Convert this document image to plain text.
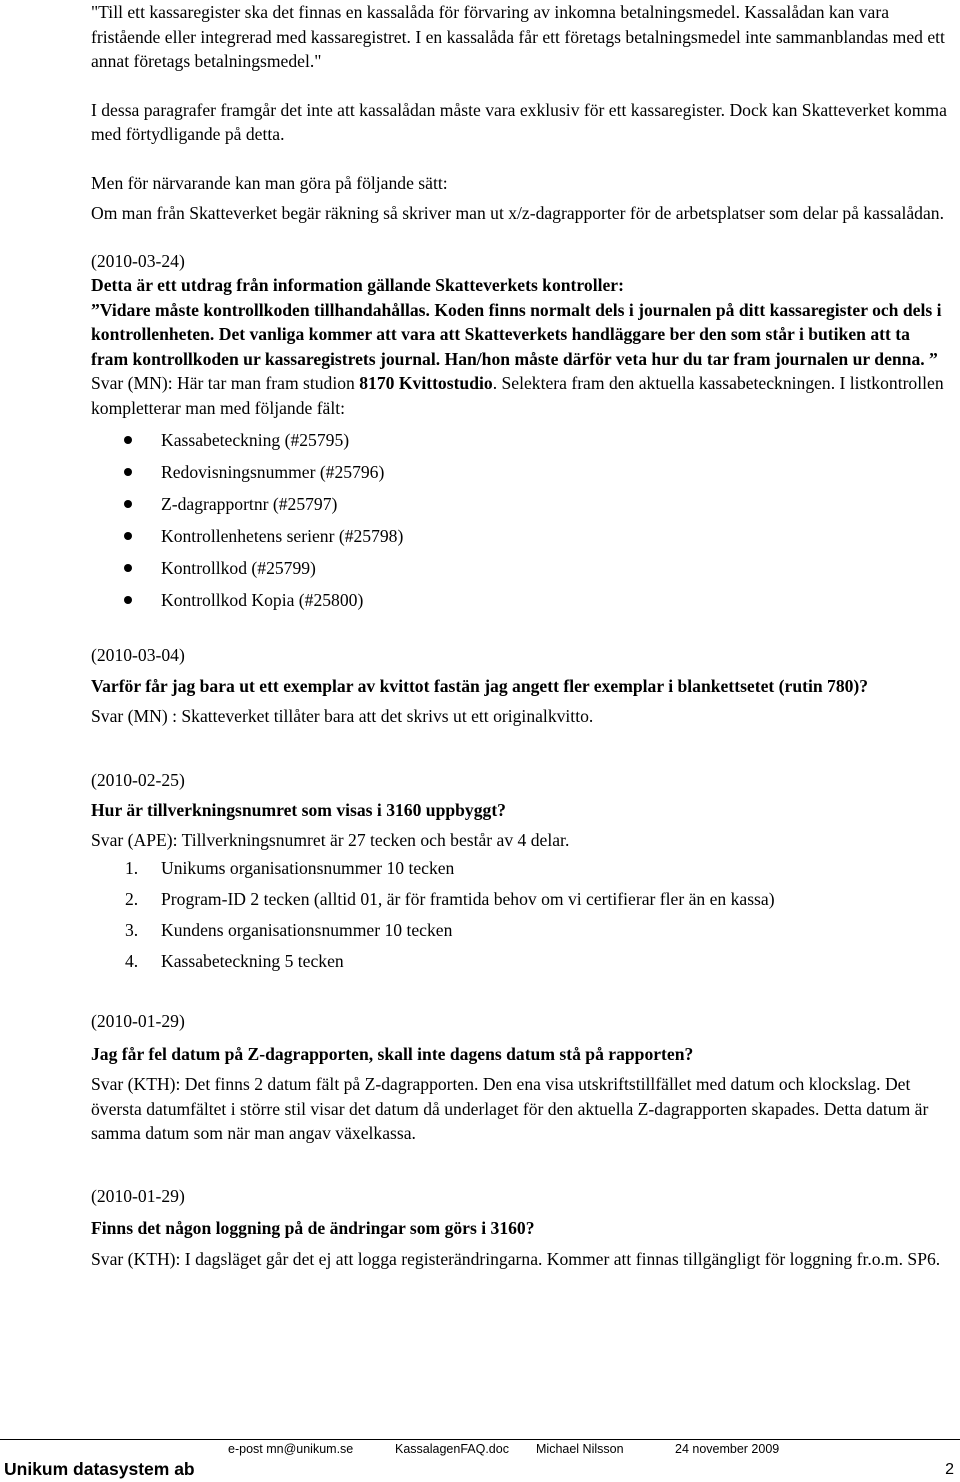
"Till ett kassaregister ska det finnas en kassalåda för förvaring av inkomna betalningsmedel. Kassalådan kan vara fristående eller integrerad med kassaregistret. I en kassalåda får ett företags betalningsmedel inte sammanblandas med ett annat företags betalningsmedel."

I dessa paragrafer framgår det inte att kassalådan måste vara exklusiv för ett kassaregister. Dock kan Skatteverket komma med förtydligande på detta.

Men för närvarande kan man göra på följande sätt:

Om man från Skatteverket begär räkning så skriver man ut x/z-dagrapporter för de arbetsplatser som delar på kassalådan.

(2010-03-24)

Detta är ett utdrag från information gällande Skatteverkets kontroller:

”Vidare måste kontrollkoden tillhandahållas. Koden finns normalt dels i journalen på ditt kassaregister och dels i kontrollenheten. Det vanliga kommer att vara att Skatteverkets handläggare ber den som står i butiken att ta fram kontrollkoden ur kassaregistrets journal. Han/hon måste därför veta hur du tar fram journalen ur denna. ”

Svar (MN): Här tar man fram studion 8170 Kvittostudio. Selektera fram den aktuella kassabeteckningen. I listkontrollen kompletterar man med följande fält:

Kassabeteckning (#25795)
Redovisningsnummer (#25796)
Z-dagrapportnr (#25797)
Kontrollenhetens serienr (#25798)
Kontrollkod (#25799)
Kontrollkod Kopia (#25800)

(2010-03-04)

Varför får jag bara ut ett exemplar av kvittot fastän jag angett fler exemplar i blankettsetet (rutin 780)?

Svar (MN) : Skatteverket tillåter bara att det skrivs ut ett originalkvitto.

(2010-02-25)

Hur är tillverkningsnumret som visas i 3160 uppbyggt?

Svar (APE): Tillverkningsnumret är 27 tecken och består av 4 delar.

1. Unikums organisationsnummer 10 tecken
2. Program-ID 2 tecken (alltid 01, är för framtida behov om vi certifierar fler än en kassa)
3. Kundens organisationsnummer 10 tecken
4. Kassabeteckning 5 tecken

(2010-01-29)

Jag får fel datum på Z-dagrapporten, skall inte dagens datum stå på rapporten?

Svar (KTH): Det finns 2 datum fält på Z-dagrapporten. Den ena visa utskriftstillfället med datum och klockslag. Det översta datumfältet i större stil visar det datum då underlaget för den aktuella Z-dagrapporten skapades. Detta datum är samma datum som när man angav växelkassa.

(2010-01-29)

Finns det någon loggning på de ändringar som görs i 3160?

Svar (KTH): I dagsläget går det ej att logga registerändringarna. Kommer att finnas tillgängligt för loggning fr.o.m. SP6.

e-post mn@unikum.se	KassalagenFAQ.doc Michael Nilsson	24 november 2009
Unikum datasystem ab	2
